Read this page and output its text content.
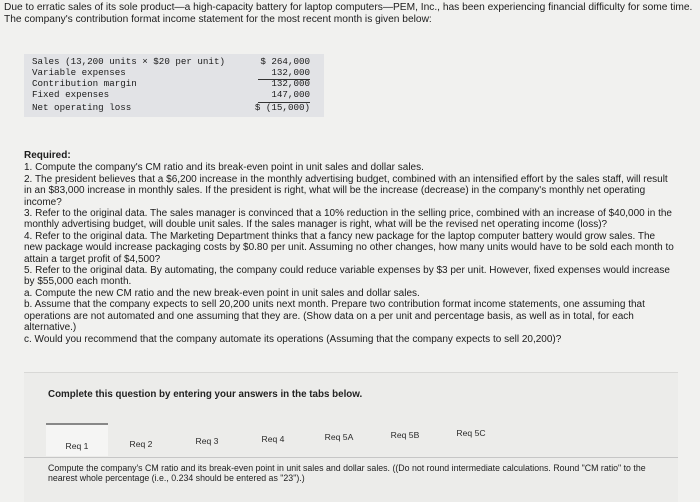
Due to erratic sales of its sole product—a high-capacity battery for laptop computers—PEM, Inc., has been experiencing financial difficulty for some time. The company's contribution format income statement for the most recent month is given below:

Sales (13,200 units × $20 per unit)	$ 264,000
Variable expenses	132,000
Contribution margin	132,000
Fixed expenses	147,000
Net operating loss	$ (15,000)

Required:

1. Compute the company's CM ratio and its break-even point in unit sales and dollar sales.

2. The president believes that a $6,200 increase in the monthly advertising budget, combined with an intensified effort by the sales staff, will result in an $83,000 increase in monthly sales. If the president is right, what will be the increase (decrease) in the company's monthly net operating income?

3. Refer to the original data. The sales manager is convinced that a 10% reduction in the selling price, combined with an increase of $40,000 in the monthly advertising budget, will double unit sales. If the sales manager is right, what will be the revised net operating income (loss)?

4. Refer to the original data. The Marketing Department thinks that a fancy new package for the laptop computer battery would grow sales. The new package would increase packaging costs by $0.80 per unit. Assuming no other changes, how many units would have to be sold each month to attain a target profit of $4,500?

5. Refer to the original data. By automating, the company could reduce variable expenses by $3 per unit. However, fixed expenses would increase by $55,000 each month.

a. Compute the new CM ratio and the new break-even point in unit sales and dollar sales.

b. Assume that the company expects to sell 20,200 units next month. Prepare two contribution format income statements, one assuming that operations are not automated and one assuming that they are. (Show data on a per unit and percentage basis, as well as in total, for each alternative.)

c. Would you recommend that the company automate its operations (Assuming that the company expects to sell 20,200)?

Complete this question by entering your answers in the tabs below.
Req 1	Req 2	Req 3	Req 4	Req 5A	Req 5B	Req 5C
Compute the company's CM ratio and its break-even point in unit sales and dollar sales. ((Do not round intermediate calculations. Round "CM ratio" to the nearest whole percentage (i.e., 0.234 should be entered as "23").)
